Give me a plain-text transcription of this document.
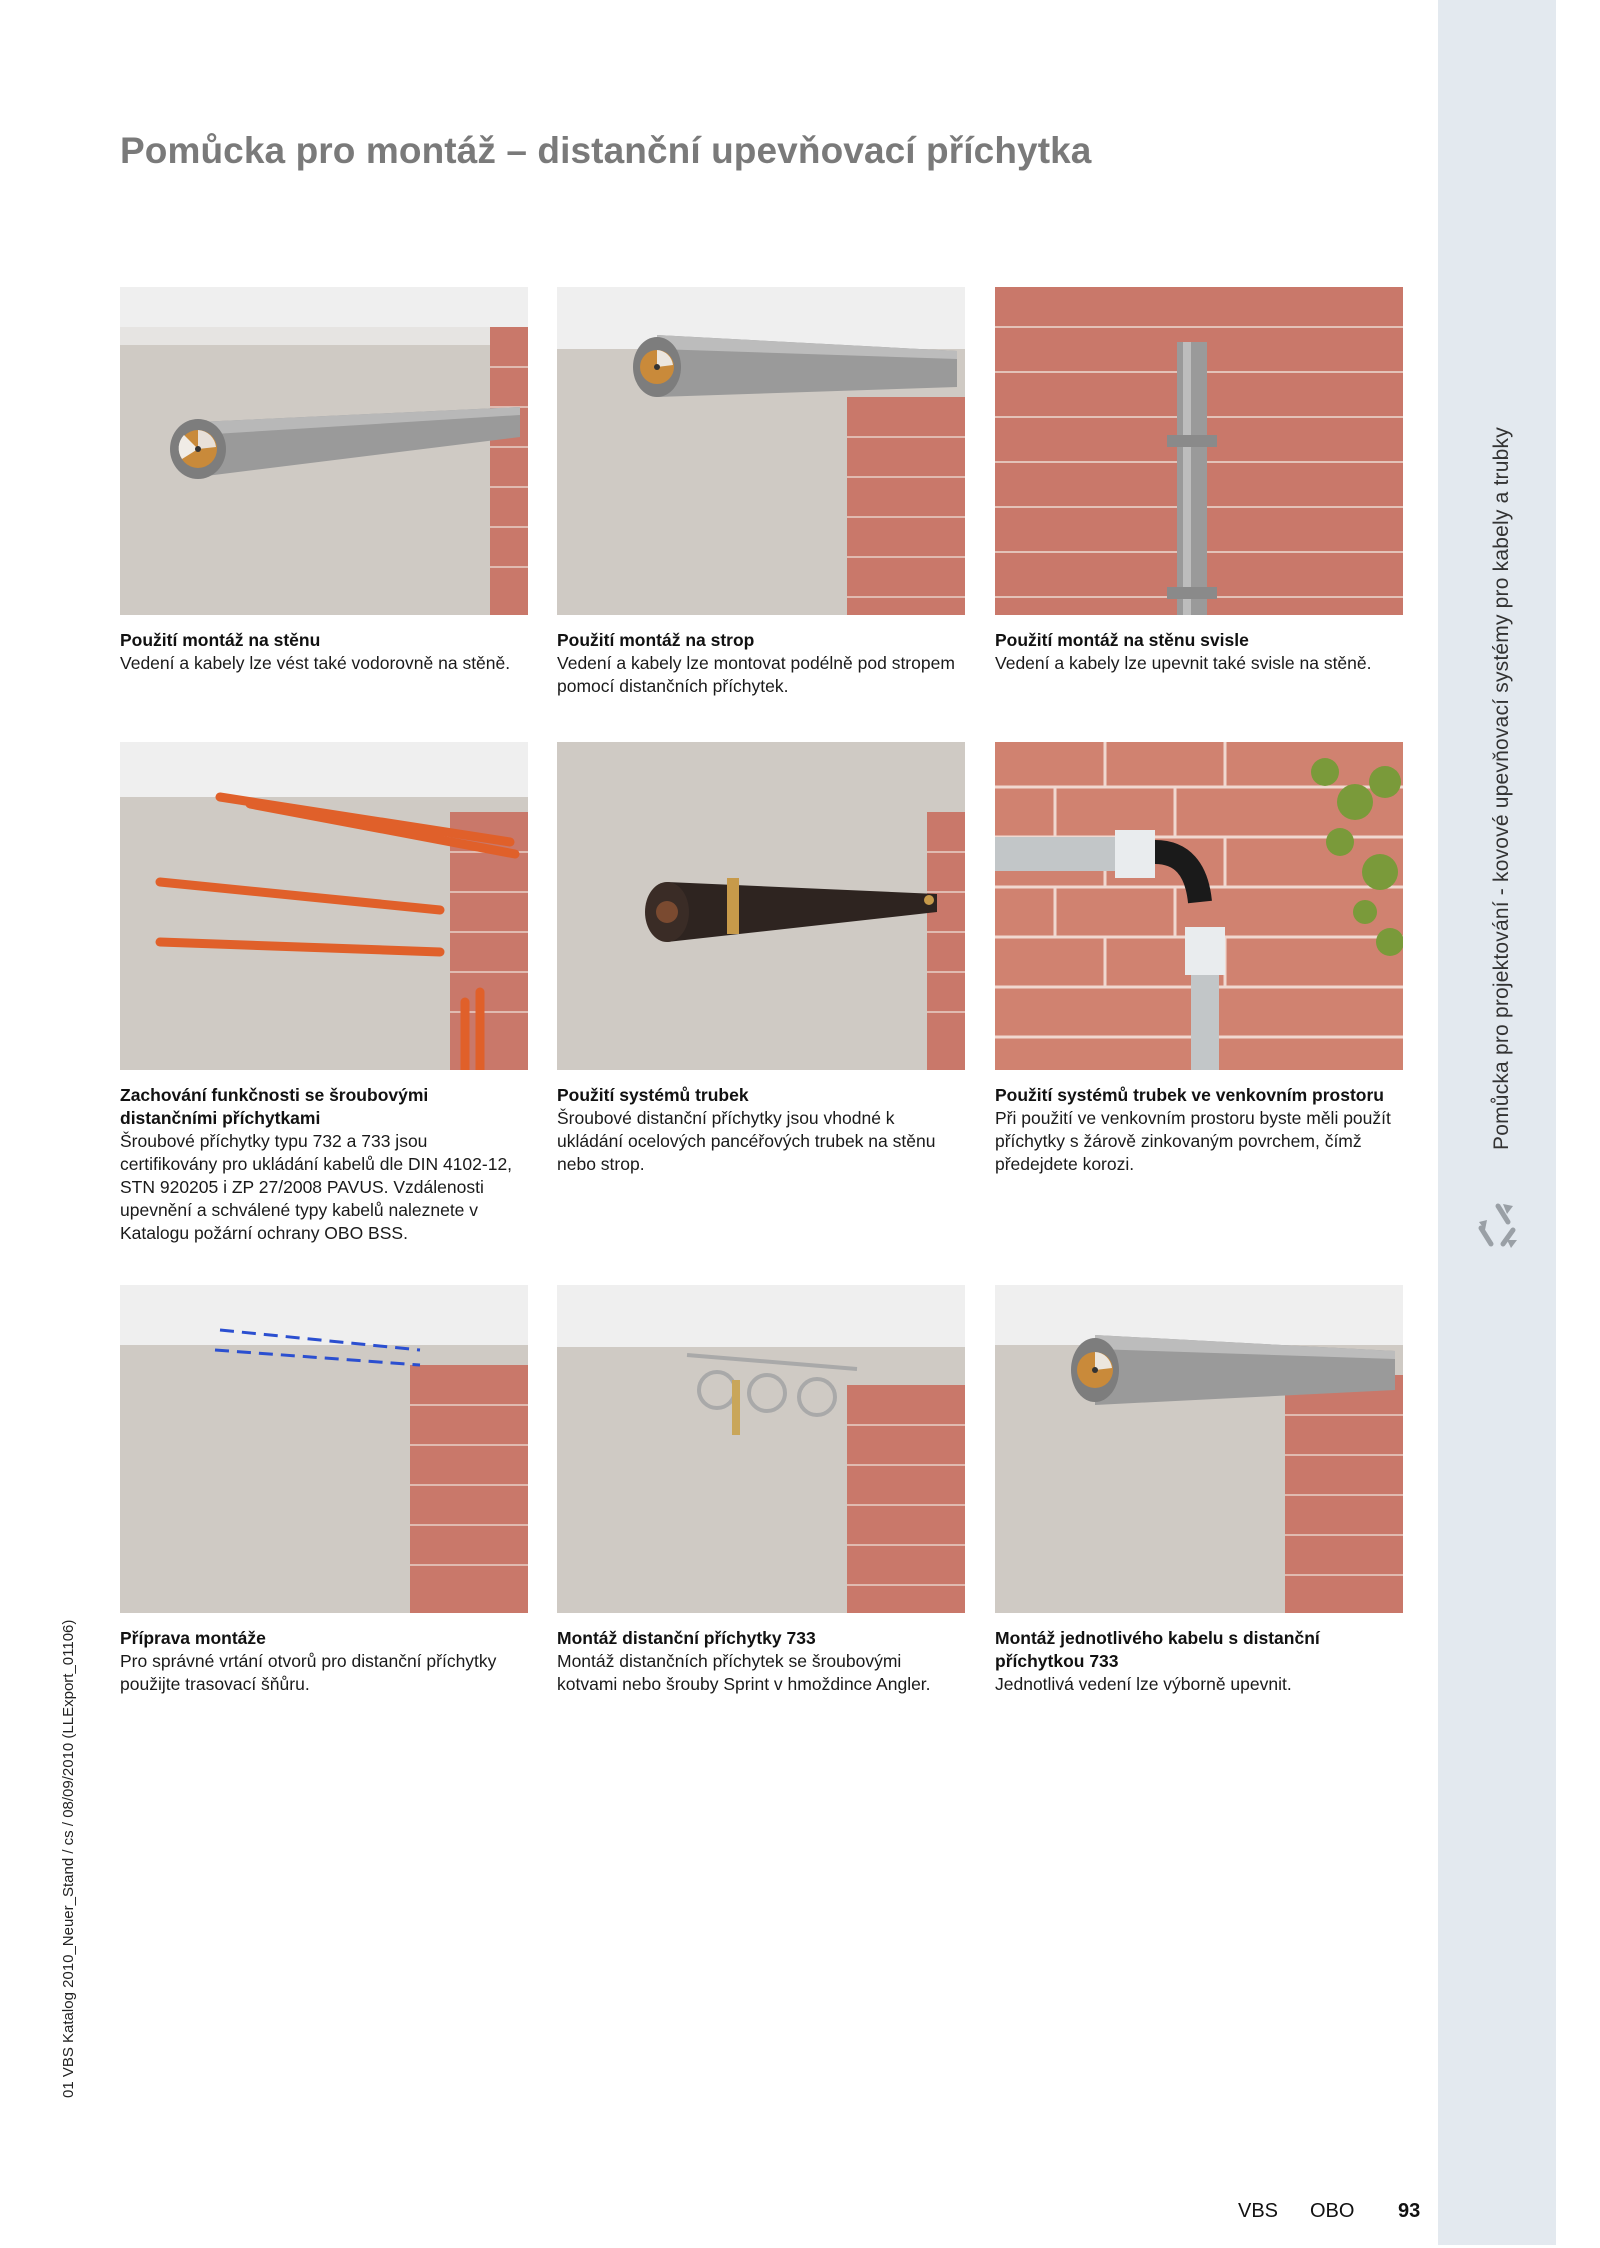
Pomůcka pro projektování - kovové upevňovací systémy pro kabely a trubky
Pomůcka pro montáž – distanční upevňovací příchytka
Použití montáž na stěnu
Vedení a kabely lze vést také vodorovně na stěně.
Použití montáž na strop
Vedení a kabely lze montovat podélně pod stropem pomocí distančních příchytek.
Použití montáž na stěnu svisle
Vedení a kabely lze upevnit také svisle na stěně.
Zachování funkčnosti se šroubovými distančními příchytkami
Šroubové příchytky typu 732 a 733 jsou certifikovány pro ukládání kabelů dle DIN 4102-12, STN 920205 i ZP 27/2008 PAVUS. Vzdálenosti upevnění a schválené typy kabelů naleznete v Katalogu požární ochrany OBO BSS.
Použití systémů trubek
Šroubové distanční příchytky jsou vhodné k ukládání ocelových pancéřových trubek na stěnu nebo strop.
Použití systémů trubek ve venkovním prostoru
Při použití ve venkovním prostoru byste měli použít příchytky s žárově zinkovaným povrchem, čímž předejdete korozi.
Příprava montáže
Pro správné vrtání otvorů pro distanční příchytky použijte trasovací šňůru.
Montáž distanční příchytky 733
Montáž distančních příchytek se šroubovými kotvami nebo šrouby Sprint v hmoždince Angler.
Montáž jednotlivého kabelu s distanční příchytkou 733
Jednotlivá vedení lze výborně upevnit.
01 VBS Katalog 2010_Neuer_Stand / cs / 08/09/2010 (LLExport_01106)
VBS OBO 93
